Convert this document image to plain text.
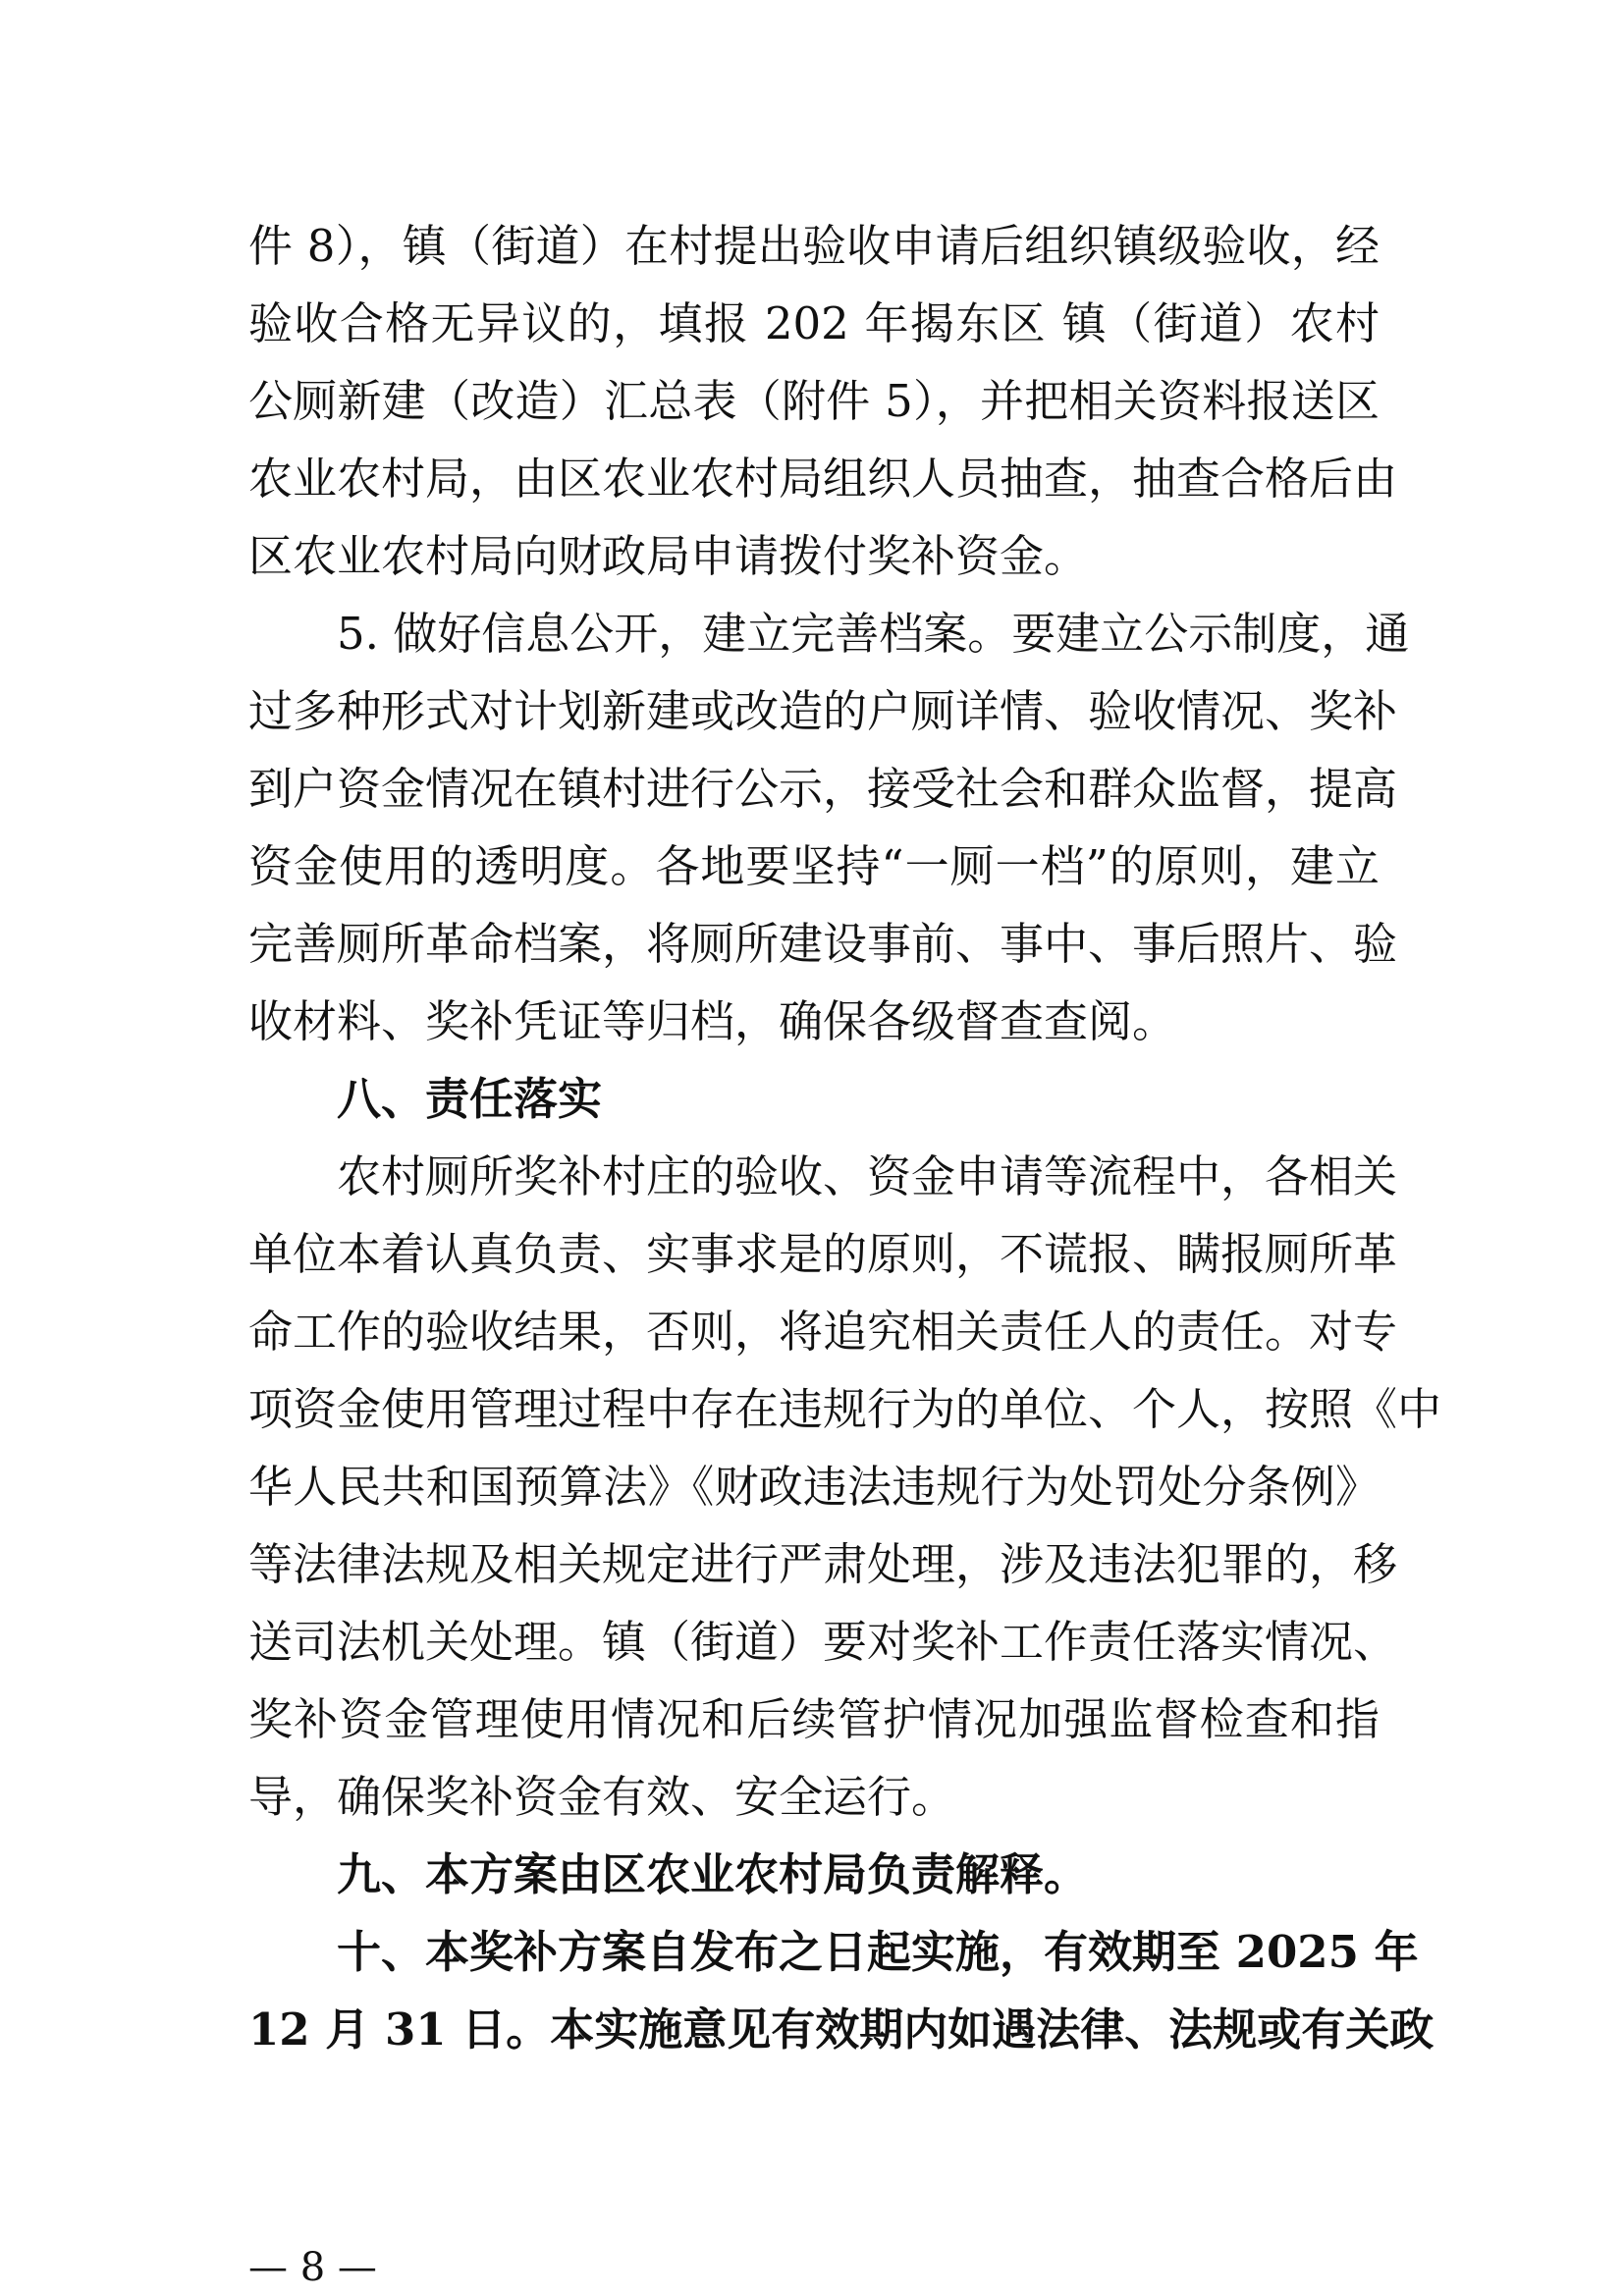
件 8），镇（街道）在村提出验收申请后组织镇级验收，经
验收合格无异议的，填报 202 年揭东区 镇（街道）农村
公厕新建（改造）汇总表（附件 5），并把相关资料报送区
农业农村局，由区农业农村局组织人员抽查，抽查合格后由
区农业农村局向财政局申请拨付奖补资金。
5. 做好信息公开，建立完善档案。要建立公示制度，通
过多种形式对计划新建或改造的户厕详情、验收情况、奖补
到户资金情况在镇村进行公示，接受社会和群众监督，提高
资金使用的透明度。各地要坚持“一厕一档”的原则，建立
完善厕所革命档案，将厕所建设事前、事中、事后照片、验
收材料、奖补凭证等归档，确保各级督查查阅。
八、责任落实
农村厕所奖补村庄的验收、资金申请等流程中，各相关
单位本着认真负责、实事求是的原则，不谎报、瞒报厕所革
命工作的验收结果，否则，将追究相关责任人的责任。对专
项资金使用管理过程中存在违规行为的单位、个人，按照《中
华人民共和国预算法》《财政违法违规行为处罚处分条例》
等法律法规及相关规定进行严肃处理，涉及违法犯罪的，移
送司法机关处理。镇（街道）要对奖补工作责任落实情况、
奖补资金管理使用情况和后续管护情况加强监督检查和指
导，确保奖补资金有效、安全运行。
九、本方案由区农业农村局负责解释。
十、本奖补方案自发布之日起实施，有效期至 2025 年
12 月 31 日。本实施意见有效期内如遇法律、法规或有关政
— 8 —
